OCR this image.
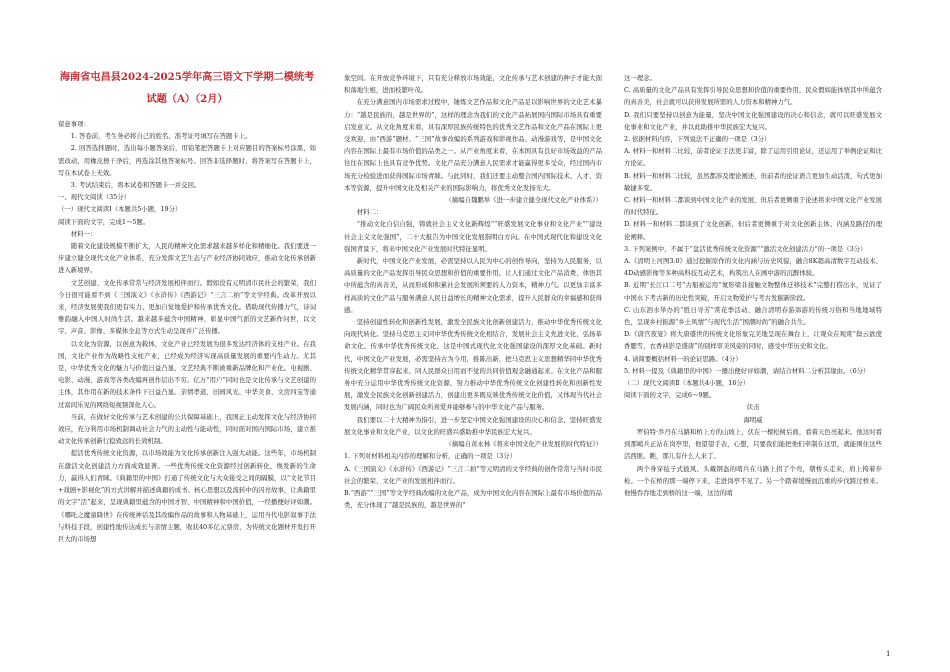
海南省屯昌县2024-2025学年高三语文下学期二模统考试题（A）（2月）

留意事项：

1. 答卷前，考生务必将自己的姓名、准考证号填写在答题卡上。

2. 回答选择题时，选出每小题答案后，用铅笔把答题卡上对应题目的答案标号涂黑，如需改动，用橡皮擦干净后，再选涂其他答案标号。回答非选择题时，将答案写在答题卡上，写在本试卷上无效。

3. 考试结束后，将本试卷和答题卡一并交回。

一、现代文阅读（35分）

（一）现代文阅读Ⅰ（本题共5小题，19分）

阅读下面的文字，完成1～5题。

材料一：

随着文化建设规模不断扩大，人民的精神文化需求越来越多样化和精细化。我们要进一步建立健全现代文化产业体系，充分发挥文艺生态与产业经济协同效应，推动文化传承创新进入新境界。

文艺创建、文化传承常常与经济发展相伴而行。假如没有元明清市民社会的繁荣，我们今日很可能看不到《三国演义》《水浒传》《西游记》“三言二拍”等文学经典。改革开放以来，经济发展使我们更有实力、更加自觉地爱护和传承优秀文化。借助现代传播力气，诗词雅韵融入中国人时尚生活。越来越多蕴含中国精神、彰显中国气派的文艺新作问世，以文字、声音、影像、多媒体全息等方式生动呈现并广泛传播。

以文化为资源，以创意为载体，文化产业已经发展为很多发达经济体的支柱产业。在我国，文化产业作为战略性支柱产业，已经成为经济实现高质量发展的重要内生动力。尤其是，中华优秀文化的魅力与价值日益凸显，文艺经典不断被重新品牌化和产业化。电视剧、电影、动漫、游戏等各类改编再创作层出不穷。亿万“用户”同时也是文化传承与文艺创建的主体，其作用在新的技术条件下日益凸显。亲情孝道、田园风光、中华美食、文房四宝等通过富间乐见的网络短视频深化人心。

当前，在做好文化传承与艺术创建的公共保障基础上，我国正主动发挥文化与经济协同效应，充分利用市场机制调动社会力气的主动性与能动性，同时面对国内国际市场，建立推动文化传承创新行稳致远的长效机制。

提活优秀传统文化资源，以市场效能为文化传承创新注入强大动能。这些年，市场机制在激活文化创建活力方面成效显著。一些优秀传统文化资源经过创新转化，焕发新的生命力，赢得人们青睐。《典籍里的中国》打通了传统文化与大众接受之间的隔膜，以“文化节目+戏剧+影视化”的方式讲解并描述典籍的成书、核心思想以及流转中的闪亮故事，让典籍里的文字“活”起来，呈现典籍里蕴含的中国才智、中国精神和中国价值，一经播便好评如潮。《哪吒之魔童降世》在传统神话及其改编作品的故事和人物基础上，运用当代电影叙事手法与科技手段，创建性地传达成长与亲情主题，收获40多亿元票房，为传统文化题材开发打开巨大的市场想

象空间。在开放竞争环境下，只有充分释放市场效能，文化传承与艺术创建的种子才能大面积落地生根，进而枝繁叶茂。

在充分满意国内市场需求过程中，锤炼文艺作品和文化产品足以影响世界的文化艺术暴力：“越是民族的，越是世界的”，这样的理念为我们的文化产品拓展国内国际市场具有重要启发意义。从文化角度来看，具有深厚民族传统特色的优秀文艺作品和文化产品在国际上更受欢迎，由“西游”题材、“三国”故事改编的系列游戏和影视作品、动漫游戏等，是中国文化内容在国际上最有市场价值的品类之一。从产业角度来看，在本国具有良好市场效益的产品往往在国际上也具有竞争优势。文化产品充分满意人民需求才能赢得更多受众，经过国内市场充分检验进而获得国际市场青睐。与此同时，我们还要主动整合国内国际技术、人才、资本等资源，提升中国文化及相关产业的国际影响力，将优秀文化发扬光大。

（摘编自魏鹏举《进一步建立健全现代文化产业体系》）

材料二：

“推动文化自信自强，铸就社会主义文化新辉煌”“旺盛发展文化事业和文化产业”“建设社会主义文化强国”，二十大报告为中国文化发展指明白方向。在中国式现代化和建设文化强国背景下，将来中国文化产业发展时代特征显明。

新时代，中国文化产业发展，必需坚持以人民为中心的创作导向，坚持为人民服务，以高质量的文化产品发挥引导民众思想和价值的重要作用，让人们通过文化产品消费，体悟其中所蕴含的真善美，从而形成和积累社会发展所须要的人力资本，精神力气。以更加丰富多样高质的文化产品与服务满意人民日益增长的精神文化需求，提升人民群众的幸福感和获得感。

坚持创建性转化和创新性发展，激发全民族文化创新创建活力，推动中华优秀传统文化向现代转化。坚持马克思主义同中华优秀传统文化相结合，发展社会主义先进文化，弘扬革命文化，传承中华优秀传统文化，这是中国式现代化文化强国建设的深厚文化基础。新时代，中国文化产业发展，必需坚持古为今用，推陈出新，把马克思主义思想精华同中华优秀传统文化精华贯穿起来、同人民群众日用而不觉的共同价值观念融通起来。在文化产品和服务中充分运用中华优秀传统文化资源，努力推动中华优秀传统文化创建性转化和创新性发展，激发全民族文化创新创建活力，创建出更多既反映优秀传统文化价值，又体现当代社会发展内涵，同时也为广阔民众所喜爱并能够参与的中华文化产品与服务。

我们要以二十大精神为指引，进一步坚定中国文化强国建设的决心和信念，坚持旺盛发展文化事业和文化产业，以文化的旺盛兴盛助推中华民族宏大复兴。

（摘编自黄永林《将来中国文化产业发展的时代特征》）

1. 下列对材料相关内容的理解和分析，正确的一项是（3分）

A.《三国演义》《水浒传》《西游记》“三言二拍”等元明清的文学经典的创作常常与当时市民社会的繁荣、文化产业的发展相伴而行。

B.“西游”“三国”等文学经典改编的文化产品，成为中国文化内容在国际上最有市场价值的品类，充分体现了“越是民族的，越是世界的”

这一理念。

C. 高质量的文化产品具有发挥引导民众思想和价值的重要作用，民众假如能体悟其中所蕴含的真善美，社会就可以获得发展所需的人力资本和精神力气。

D. 我们只要坚持以创意为能量，坚决中国文化强国建设的决心和信念，就可以旺盛发展文化事业和文化产业，并以此助推中华民族宏大复兴。

2. 依据材料内容，下列说法不正确的一项是（3分）

A. 材料一和材料二比较，前者论证手法更丰富，除了运用引用论证，还运用了举例论证和比方论证。

B. 材料一和材料二比较，虽然都涉及理论阐述，但前者的论证语言更加生动活泼，句式更加敏捷多变。

C. 材料一和材料二都谈到中国文化产业的发展，但后者更侧重于论述将来中国文化产业发展的时代特征。

D. 材料一和材料二都谈到了文化创新，但后者更侧重于对文化创新主体、内涵及路径的理论阐释。

3. 下列案例中，不属于“盘活优秀传统文化资源”“激活文化创建活力”的一项是（3分）

A.《清明上河图3.0》通过挖掘原作的文化内涵与历史风貌，融合8K超高清数字互动技术、4D动感影像等多种高科技互动艺术，构筑出人在画中游的沉醉体验。

B. 近期“长江口二号”古船被运用“氮形梁非接触文物整体迁移技术”完整打捞出水，见证了中国水下考古新的历史性突破，开启文物爱护与考古发掘新阶段。

C. 山东泗水举办的“胜日寻芳”赏花季活动，融合清明春游郊游的传统习俗和当地地域特色，呈现乡村振源“乡土风情”与现代生活“国潮时尚”的融合共生。

D.《唐宫夜宴》将大唐盛世的传统文化形象完美地呈现在舞台上，让观众在观赏“鬓云欲度香腮雪，衣香袂影是盛唐”的别样审美风姿的同时，感受中华历史和文化。

4. 请简要概括材料一的论证思路。（4分）

5. 材料一提及《典籍里的中国》一播出便好评如潮，请结合材料二分析其缘由。（6分）

（二）现代文阅读Ⅱ（本题共4小题，16分）

阅读下面的文字，完成6～9题。

伏击

海明威

罗伯特·乔丹在马路和桥上方的山坡上，伏在一棵松树后面，看着天色亮起来。他这时看到那峭兵正站在岗亭里，他望望手表，心想，只要我们能把他们牵制在这里，就能围住这些活西匪。瞧，那儿有什么人来了。

两个身穿毡子式披风、头戴钢盔的哨兵在马路上拐了个弯，朝桥头走来，肩上挎着步枪。一个在桥的那一端停下来，走进岗亭不见了。另一个踏着缓慢而沉重的步伐跨过桥来。他慢吞吞地走到桥的这一端，这边的哨

1
